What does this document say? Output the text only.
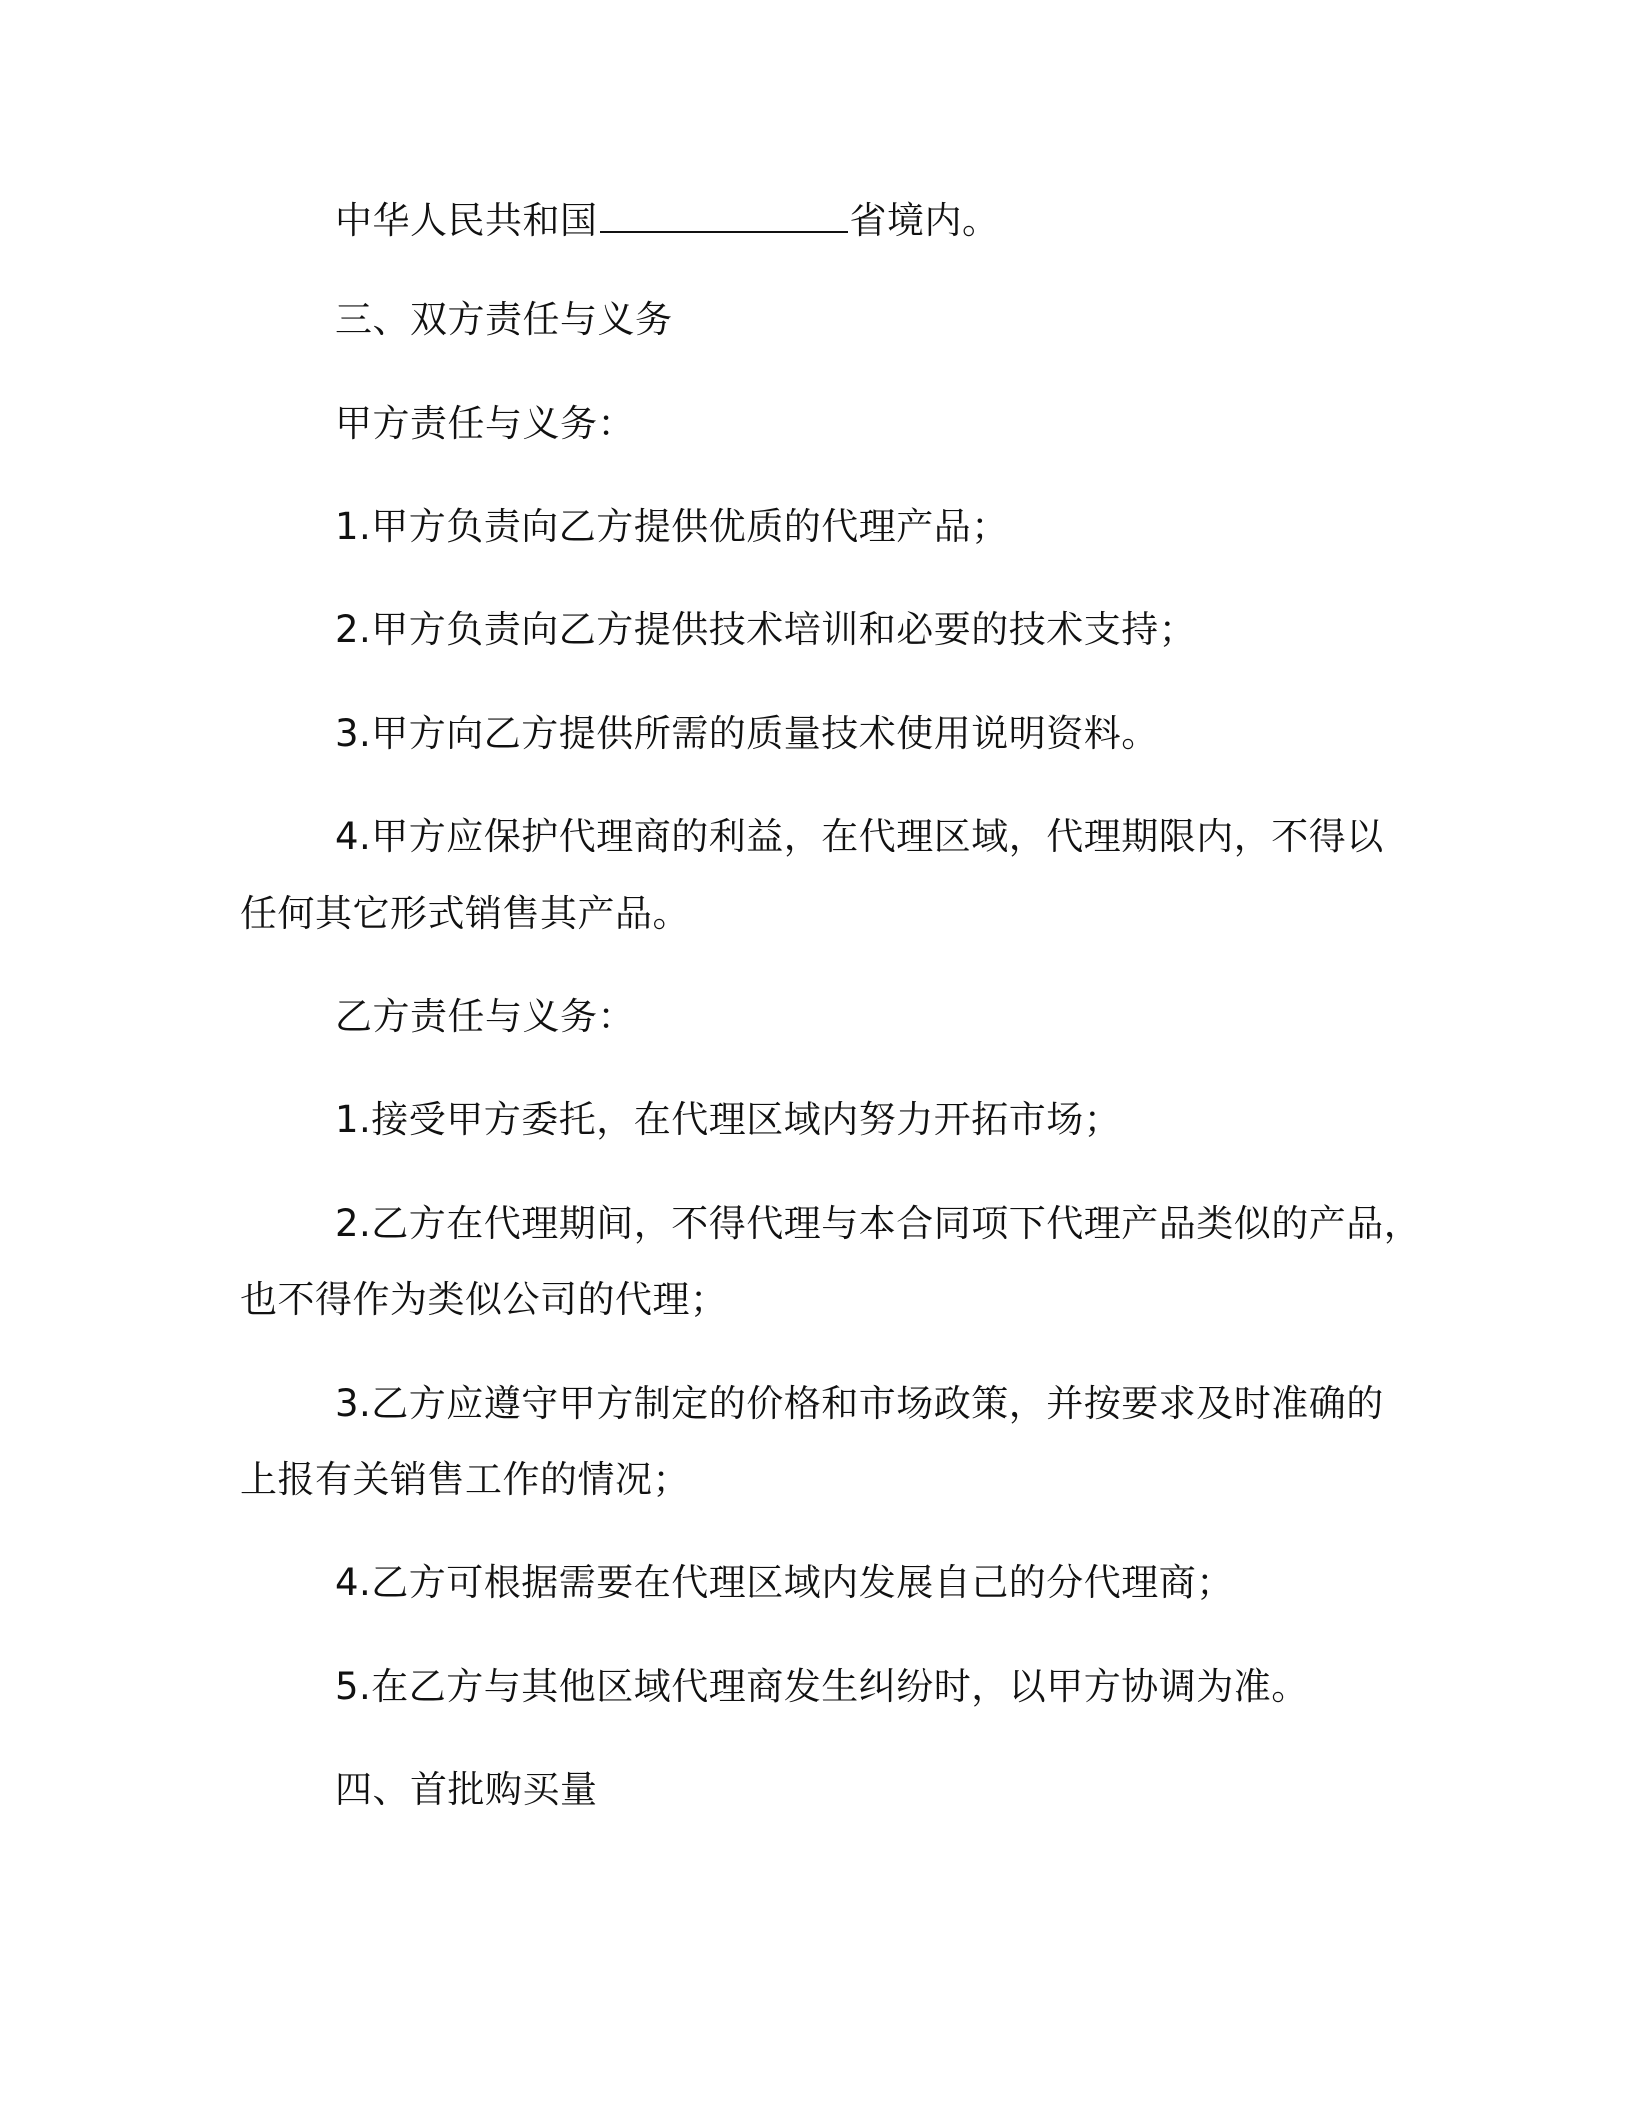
中华人民共和国	省境内。
三、双方责任与义务
甲方责任与义务：
1.甲方负责向乙方提供优质的代理产品；
2.甲方负责向乙方提供技术培训和必要的技术支持；
3.甲方向乙方提供所需的质量技术使用说明资料。
4.甲方应保护代理商的利益，在代理区域，代理期限内，不得以
任何其它形式销售其产品。
乙方责任与义务：
1.接受甲方委托，在代理区域内努力开拓市场；
2.乙方在代理期间，不得代理与本合同项下代理产品类似的产品，
也不得作为类似公司的代理；
3.乙方应遵守甲方制定的价格和市场政策，并按要求及时准确的
上报有关销售工作的情况；
4.乙方可根据需要在代理区域内发展自己的分代理商；
5.在乙方与其他区域代理商发生纠纷时，以甲方协调为准。
四、首批购买量
